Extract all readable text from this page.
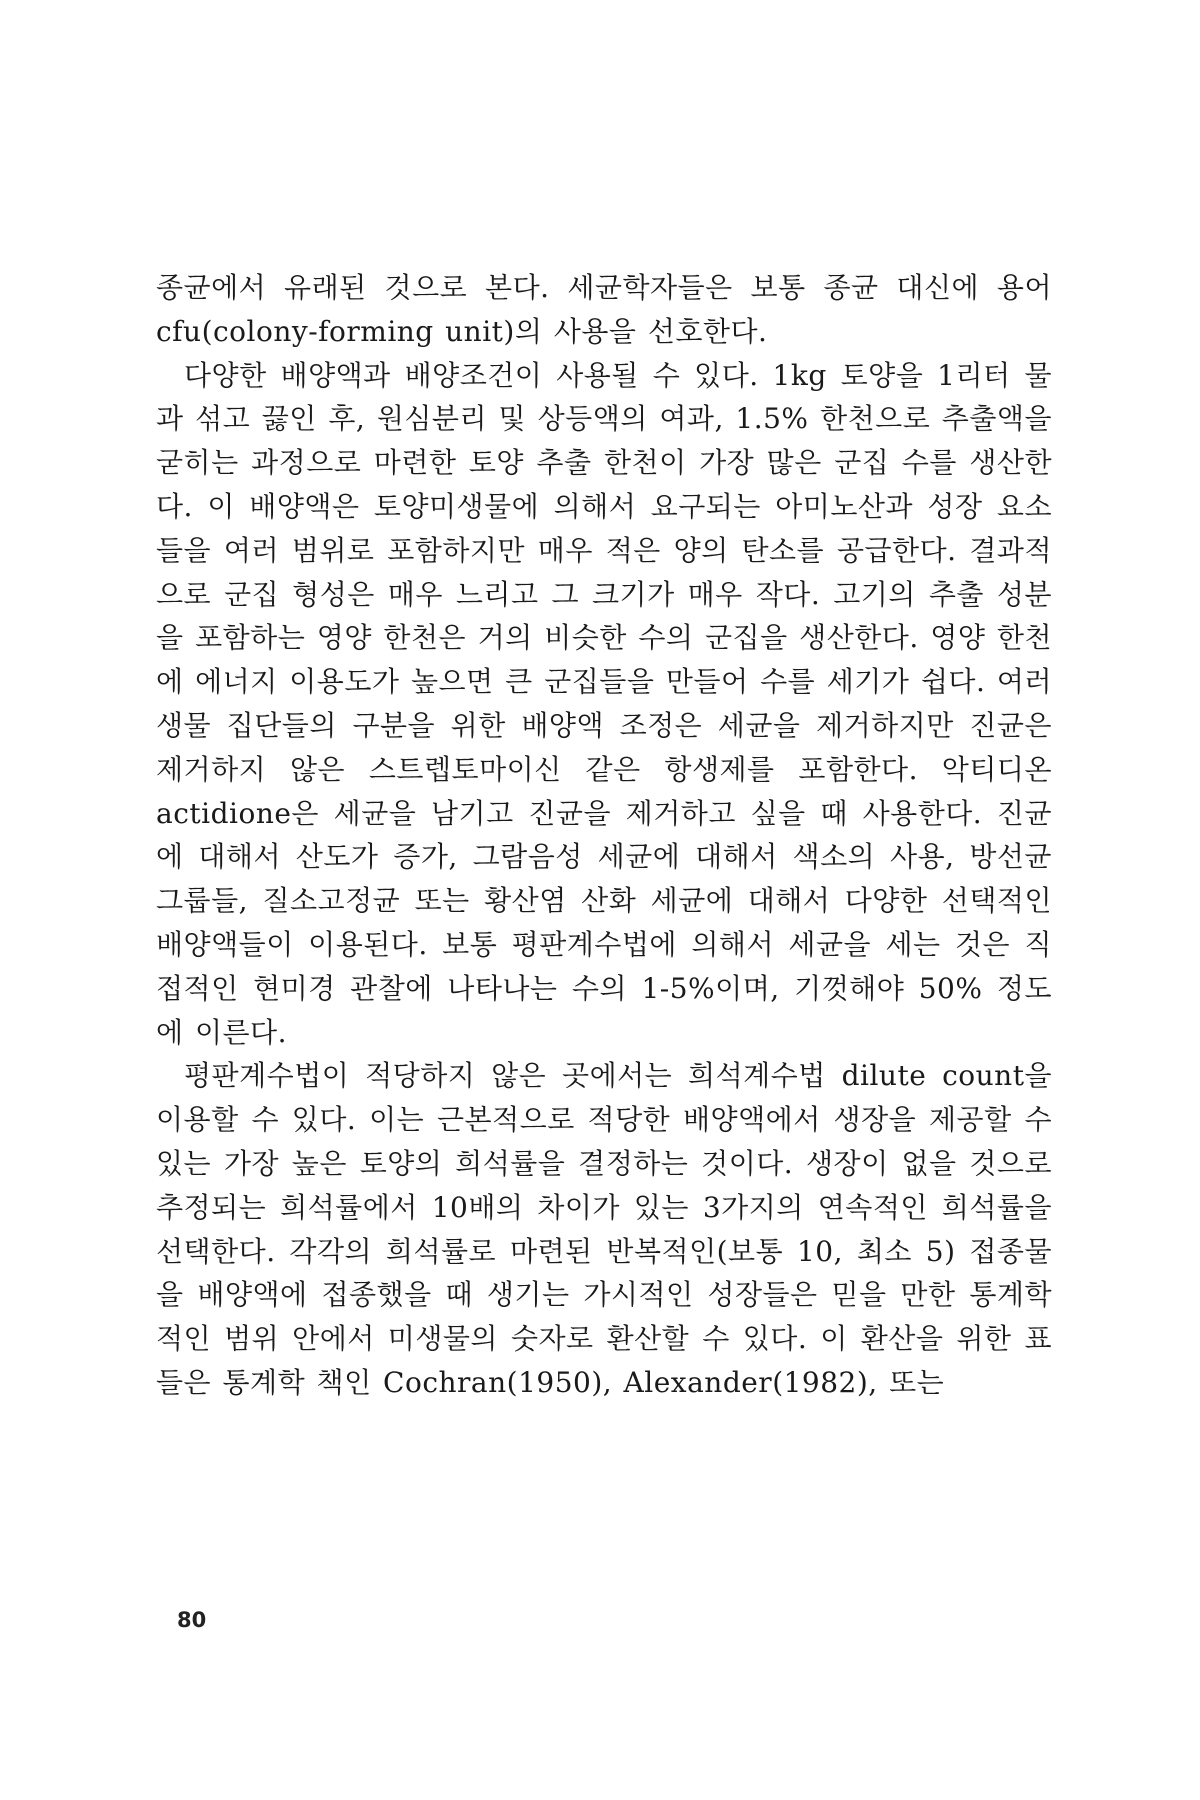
종균에서 유래된 것으로 본다. 세균학자들은 보통 종균 대신에 용어 cfu(colony-forming unit)의 사용을 선호한다.

다양한 배양액과 배양조건이 사용될 수 있다. 1kg 토양을 1리터 물과 섞고 끓인 후, 원심분리 및 상등액의 여과, 1.5% 한천으로 추출액을 굳히는 과정으로 마련한 토양 추출 한천이 가장 많은 군집 수를 생산한다. 이 배양액은 토양미생물에 의해서 요구되는 아미노산과 성장 요소들을 여러 범위로 포함하지만 매우 적은 양의 탄소를 공급한다. 결과적으로 군집 형성은 매우 느리고 그 크기가 매우 작다. 고기의 추출 성분을 포함하는 영양 한천은 거의 비슷한 수의 군집을 생산한다. 영양 한천에 에너지 이용도가 높으면 큰 군집들을 만들어 수를 세기가 쉽다. 여러 생물 집단들의 구분을 위한 배양액 조정은 세균을 제거하지만 진균은 제거하지 않은 스트렙토마이신 같은 항생제를 포함한다. 악티디온 actidione은 세균을 남기고 진균을 제거하고 싶을 때 사용한다. 진균에 대해서 산도가 증가, 그람음성 세균에 대해서 색소의 사용, 방선균 그룹들, 질소고정균 또는 황산염 산화 세균에 대해서 다양한 선택적인 배양액들이 이용된다. 보통 평판계수법에 의해서 세균을 세는 것은 직접적인 현미경 관찰에 나타나는 수의 1-5%이며, 기껏해야 50% 정도에 이른다.

평판계수법이 적당하지 않은 곳에서는 희석계수법 dilute count을 이용할 수 있다. 이는 근본적으로 적당한 배양액에서 생장을 제공할 수 있는 가장 높은 토양의 희석률을 결정하는 것이다. 생장이 없을 것으로 추정되는 희석률에서 10배의 차이가 있는 3가지의 연속적인 희석률을 선택한다. 각각의 희석률로 마련된 반복적인(보통 10, 최소 5) 접종물을 배양액에 접종했을 때 생기는 가시적인 성장들은 믿을 만한 통계학적인 범위 안에서 미생물의 숫자로 환산할 수 있다. 이 환산을 위한 표들은 통계학 책인 Cochran(1950), Alexander(1982), 또는

80
